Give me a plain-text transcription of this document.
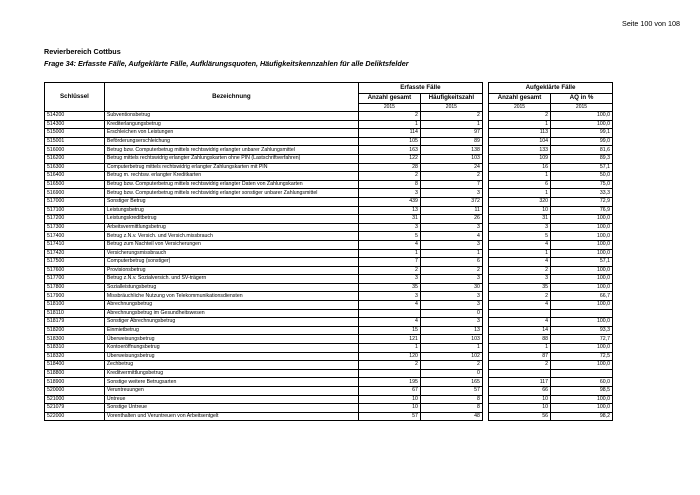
Seite 100 von 108
Revierbereich Cottbus
Frage 34: Erfasste Fälle, Aufgeklärte Fälle, Aufklärungsquoten, Häufigkeitskennzahlen für alle Deliktsfelder
Schlüssel	Bezeichnung	Erfasste Fälle			Aufgeklärte Fälle	
		Anzahl gesamt	Häufigkeitszahl		Anzahl gesamt	AQ in %
		2015	2015		2015	2015
514200	Subventionsbetrug	2	2		2	100,0
514300	Krediterlangungsbetrug	1	1		1	100,0
515000	Erschleichen von Leistungen	114	97		113	99,1
515001	Beförderungserschleichung	105	89		104	99,0
516000	Betrug bzw. Computerbetrug mittels rechtswidrig erlangter unbarer Zahlungsmittel	163	138		133	81,6
516200	Betrug mittels rechtswidrig erlangter Zahlungskarten ohne PIN (Lastschriftverfahren)	122	103		109	89,3
516300	Computerbetrug mittels rechtswidrig erlangter Zahlungskarten mit PIN	28	24		16	57,1
516400	Betrug m. rechtsw. erlangter Kreditkarten	2	2		1	50,0
516500	Betrug bzw. Computerbetrug mittels rechtswidrig erlangter Daten von Zahlungskarten	8	7		6	75,0
516900	Betrug bzw. Computerbetrug mittels rechtswidrig erlangter sonstiger unbarer Zahlungsmittel	3	3		1	33,3
517000	Sonstiger Betrug	439	372		320	72,9
517100	Leistungsbetrug	13	11		10	76,9
517200	Leistungskreditbetrug	31	26		31	100,0
517300	Arbeitsvermittlungsbetrug	3	3		3	100,0
517400	Betrug z.N.v. Versich. und Versich.missbrauch	5	4		5	100,0
517410	Betrug zum Nachteil von Versicherungen	4	3		4	100,0
517420	Versicherungsmissbrauch	1	1		1	100,0
517500	Computerbetrug (sonstiger)	7	6		4	57,1
517600	Provisionsbetrug	2	2		2	100,0
517700	Betrug z.N.v. Sozialversich. und SV-trägern	3	3		3	100,0
517800	Sozialleistungsbetrug	35	30		35	100,0
517900	Missbräuchliche Nutzung von Telekommunikationsdiensten	3	3		2	66,7
518100	Abrechnungsbetrug	4	3		4	100,0
518110	Abrechnungsbetrug im Gesundheitswesen		0			
518179	Sonstiger Abrechnungsbetrug	4	3		4	100,0
518200	Einmietbetrug	15	13		14	93,3
518300	Überweisungsbetrug	121	103		88	72,7
518310	Kontoeröffnungsbetrug	1	1		1	100,0
518320	Überweisungsbetrug	120	102		87	72,5
518400	Zechbetrug	2	2		2	100,0
518800	Kreditvermittlungsbetrug		0			
518900	Sonstige weitere Betrugsarten	195	165		117	60,0
520000	Veruntreuungen	67	57		66	98,5
521000	Untreue	10	8		10	100,0
521079	Sonstige Untreue	10	8		10	100,0
522000	Vorenthalten und Veruntreuen von Arbeitsentgelt	57	48		56	98,2
